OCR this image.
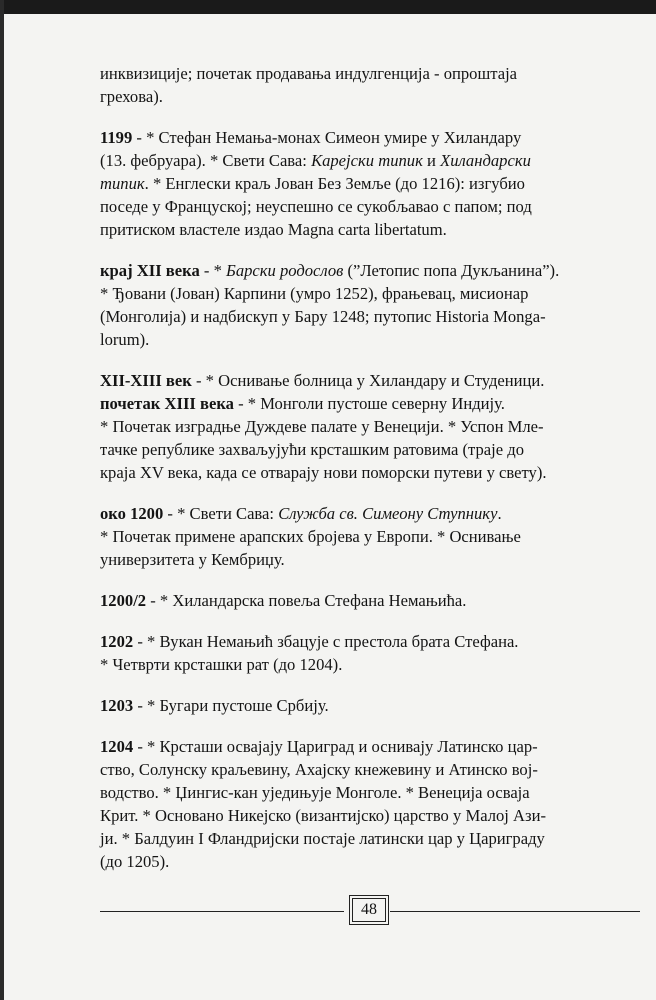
инквизиције; почетак продавања индулгенција - опроштаја
грехова).
1199 - * Стефан Немања-монах Симеон умире у Хиландару
(13. фебруара). * Свети Сава: Карејски типик и Хиландарски
типик. * Енглески краљ Јован Без Земље (до 1216): изгубио
поседе у Француској; неуспешно се сукобљавао с папом; под
притиском властеле издао Magna carta libertatum.
крај XII века - * Барски родослов (”Летопис попа Дукљанина”).
* Ђовани (Јован) Карпини (умро 1252), фрањевац, мисионар
(Монголија) и надбискуп у Бару 1248; путопис Historia Monga-
lorum).
XII-XIII век - * Оснивање болница у Хиландару и Студеници.
почетак XIII века - * Монголи пустоше северну Индију.
* Почетак изградње Дуждеве палате у Венецији. * Успон Мле-
тачке републике захваљујући крсташким ратовима (траје до
краја XV века, када се отварају нови поморски путеви у свету).
око 1200 - * Свети Сава: Служба св. Симеону Ступнику.
* Почетак примене арапских бројева у Европи. * Оснивање
универзитета у Кембриџу.
1200/2 - * Хиландарска повеља Стефана Немањића.
1202 - * Вукан Немањић збацује с престола брата Стефана.
* Четврти крсташки рат (до 1204).
1203 - * Бугари пустоше Србију.
1204 - * Крсташи освајају Цариград и оснивају Латинско цар-
ство, Солунску краљевину, Ахајску кнежевину и Атинско вој-
водство. * Џингис-кан уједињује Монголе. * Венеција осваја
Крит. * Основано Никејско (византијско) царство у Малој Ази-
ји. * Балдуин I Фландријски постаје латински цар у Цариграду
(до 1205).
48
